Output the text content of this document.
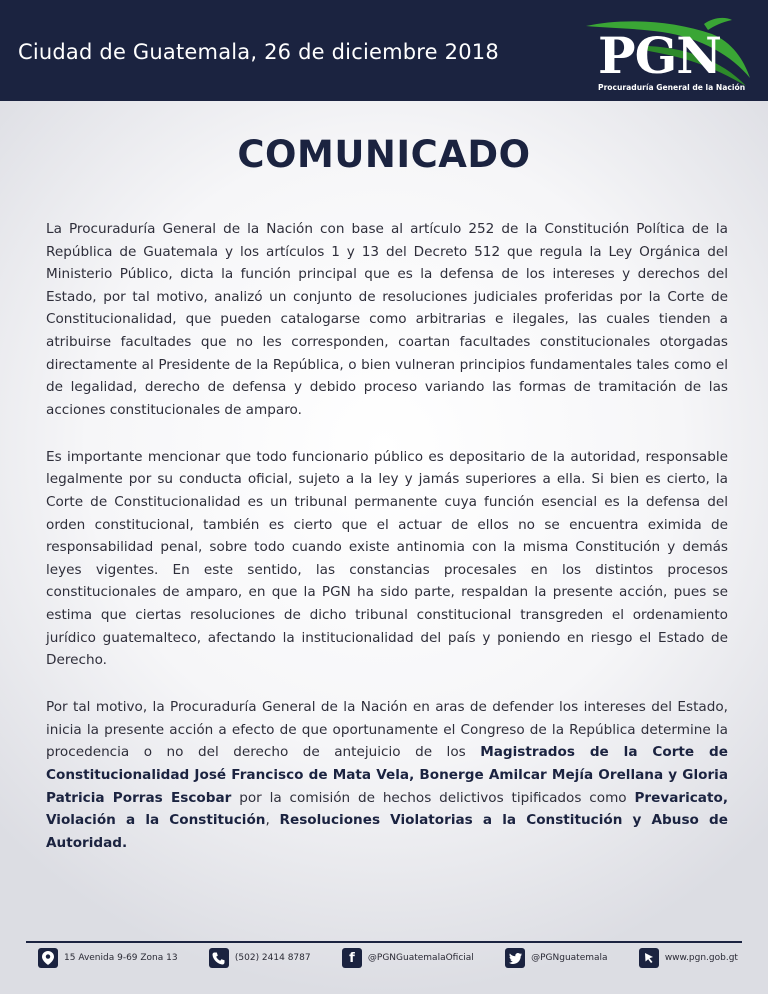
Ciudad de Guatemala, 26 de diciembre 2018 PGN
Procuraduría General de la Nación
COMUNICADO

La Procuraduría General de la Nación con base al artículo 252 de la Constitución Política de la República de Guatemala y los artículos 1 y 13 del Decreto 512 que regula la Ley Orgánica del Ministerio Público, dicta la función principal que es la defensa de los intereses y derechos del Estado, por tal motivo, analizó un conjunto de resoluciones judiciales proferidas por la Corte de Constitucionalidad, que pueden catalogarse como arbitrarias e ilegales, las cuales tienden a atribuirse facultades que no les corresponden, coartan facultades constitucionales otorgadas directamente al Presidente de la República, o bien vulneran principios fundamentales tales como el de legalidad, derecho de defensa y debido proceso variando las formas de tramitación de las acciones constitucionales de amparo.

Es importante mencionar que todo funcionario público es depositario de la autoridad, responsable legalmente por su conducta oficial, sujeto a la ley y jamás superiores a ella. Si bien es cierto, la Corte de Constitucionalidad es un tribunal permanente cuya función esencial es la defensa del orden constitucional, también es cierto que el actuar de ellos no se encuentra eximida de responsabilidad penal, sobre todo cuando existe antinomia con la misma Constitución y demás leyes vigentes. En este sentido, las constancias procesales en los distintos procesos constitucionales de amparo, en que la PGN ha sido parte, respaldan la presente acción, pues se estima que ciertas resoluciones de dicho tribunal constitucional transgreden el ordenamiento jurídico guatemalteco, afectando la institucionalidad del país y poniendo en riesgo el Estado de Derecho.

Por tal motivo, la Procuraduría General de la Nación en aras de defender los intereses del Estado, inicia la presente acción a efecto de que oportunamente el Congreso de la República determine la procedencia o no del derecho de antejuicio de los Magistrados de la Corte de Constitucionalidad José Francisco de Mata Vela, Bonerge Amilcar Mejía Orellana y Gloria Patricia Porras Escobar por la comisión de hechos delictivos tipificados como Prevaricato, Violación a la Constitución, Resoluciones Violatorias a la Constitución y Abuso de Autoridad.

15 Avenida 9-69 Zona 13	(502) 2414 8787	f	@PGNGuatemalaOficial	@PGNguatemala	www.pgn.gob.gt
